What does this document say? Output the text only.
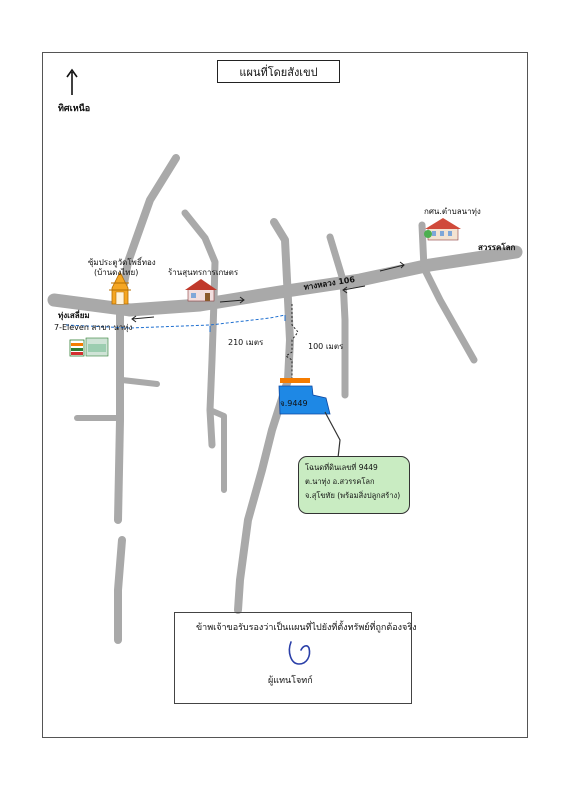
ทิศเหนือ
แผนที่โดยสังเขป
ทุ่งเสลี่ยม
ทางหลวง 106
สวรรคโลก
ซุ้มประตูวัดโพธิ์ทอง
(บ้านดงไทย)	ร้านสุนทรการเกษตร
กศน.ตำบลนาทุ่ง
7-Eleven สาขา นาทุ่ง
210 เมตร	100 เมตร
จ.9449
โฉนดที่ดินเลขที่ 9449
ต.นาทุ่ง อ.สวรรคโลก
จ.สุโขทัย (พร้อมสิ่งปลูกสร้าง)
ข้าพเจ้าขอรับรองว่าเป็นแผนที่ไปยังที่ตั้งทรัพย์ที่ถูกต้องจริง
ผู้แทนโจทก์
